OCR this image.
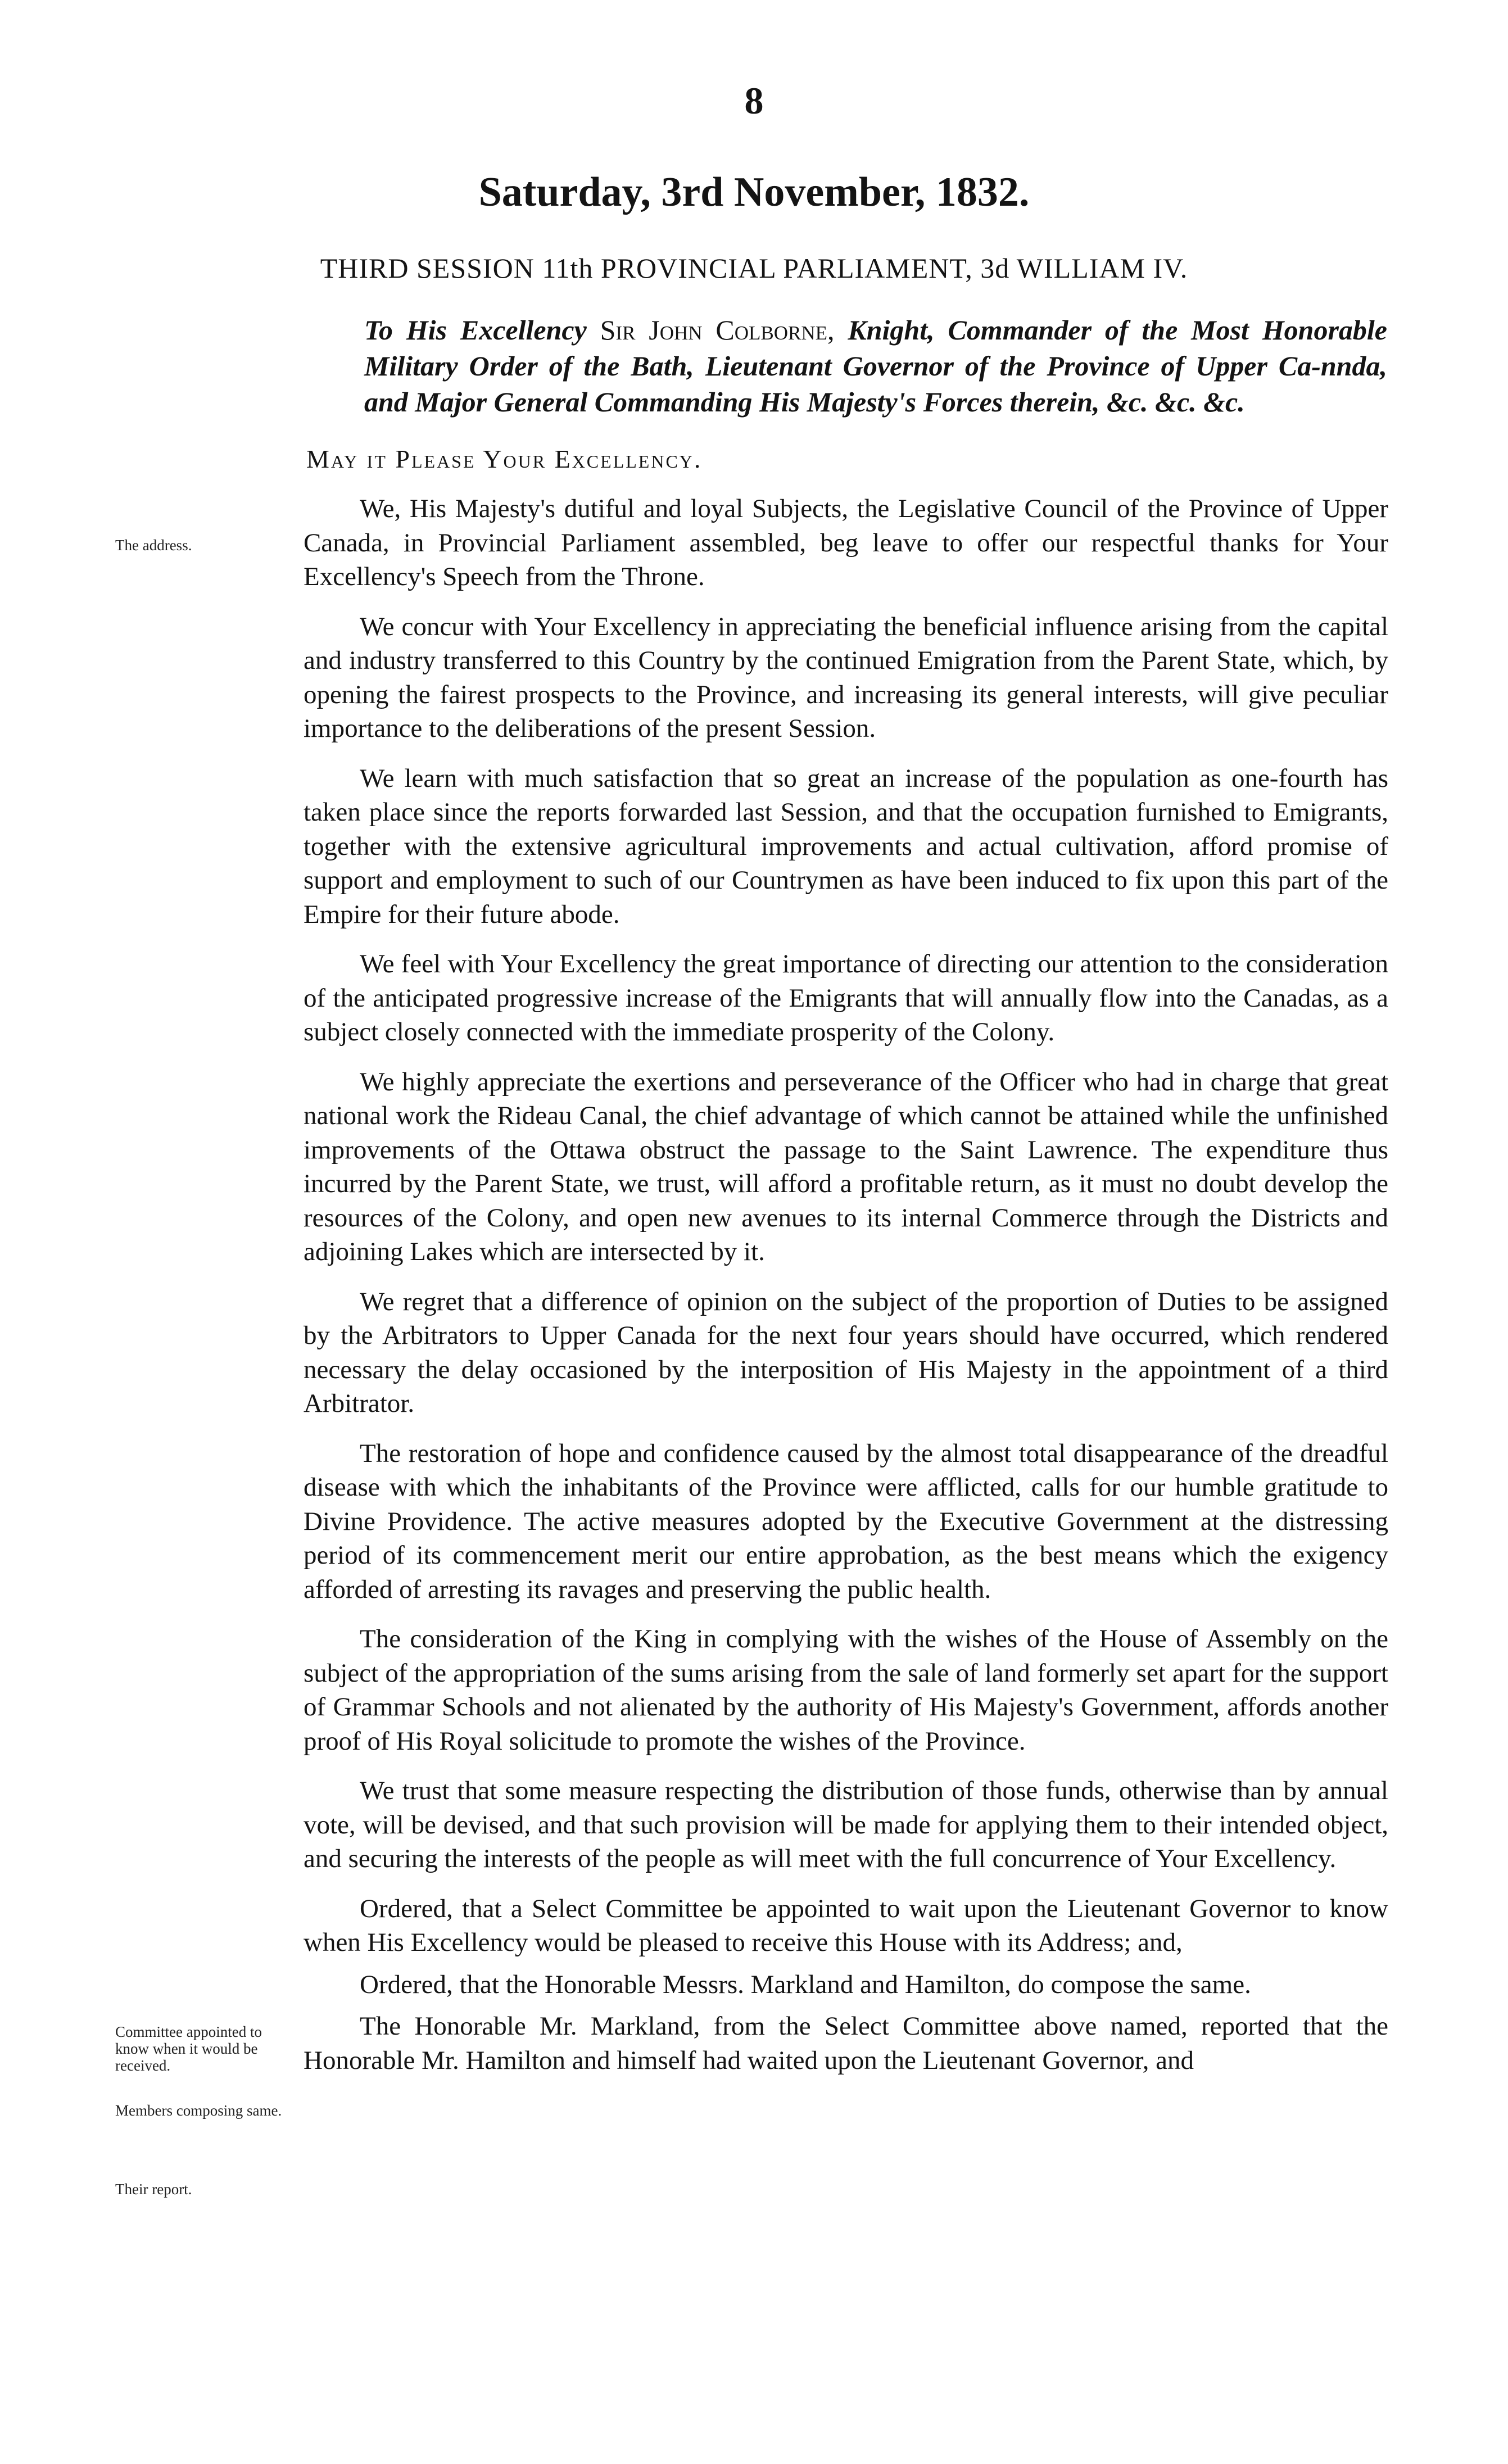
8
Saturday, 3rd November, 1832.
THIRD SESSION 11th PROVINCIAL PARLIAMENT, 3d WILLIAM IV.
To His Excellency Sir John Colborne, Knight, Commander of the Most Honorable Military Order of the Bath, Lieutenant Governor of the Province of Upper Ca-nnda, and Major General Commanding His Majesty's Forces therein, &c. &c. &c.
May it Please Your Excellency.
The address.
Committee appointed to know when it would be received.
Members composing same.
Their report.

We, His Majesty's dutiful and loyal Subjects, the Legislative Council of the Province of Upper Canada, in Provincial Parliament assembled, beg leave to offer our respectful thanks for Your Excellency's Speech from the Throne.

We concur with Your Excellency in appreciating the beneficial influence arising from the capital and industry transferred to this Country by the continued Emigration from the Parent State, which, by opening the fairest prospects to the Province, and increasing its general interests, will give peculiar importance to the deliberations of the present Session.

We learn with much satisfaction that so great an increase of the population as one-fourth has taken place since the reports forwarded last Session, and that the occupation furnished to Emigrants, together with the extensive agricultural improvements and actual cultivation, afford promise of support and employment to such of our Countrymen as have been induced to fix upon this part of the Empire for their future abode.

We feel with Your Excellency the great importance of directing our attention to the consideration of the anticipated progressive increase of the Emigrants that will annually flow into the Canadas, as a subject closely connected with the immediate prosperity of the Colony.

We highly appreciate the exertions and perseverance of the Officer who had in charge that great national work the Rideau Canal, the chief advantage of which cannot be attained while the unfinished improvements of the Ottawa obstruct the passage to the Saint Lawrence. The expenditure thus incurred by the Parent State, we trust, will afford a profitable return, as it must no doubt develop the resources of the Colony, and open new avenues to its internal Commerce through the Districts and adjoining Lakes which are intersected by it.

We regret that a difference of opinion on the subject of the proportion of Duties to be assigned by the Arbitrators to Upper Canada for the next four years should have occurred, which rendered necessary the delay occasioned by the interposition of His Majesty in the appointment of a third Arbitrator.

The restoration of hope and confidence caused by the almost total disappearance of the dreadful disease with which the inhabitants of the Province were afflicted, calls for our humble gratitude to Divine Providence. The active measures adopted by the Executive Government at the distressing period of its commencement merit our entire approbation, as the best means which the exigency afforded of arresting its ravages and preserving the public health.

The consideration of the King in complying with the wishes of the House of Assembly on the subject of the appropriation of the sums arising from the sale of land formerly set apart for the support of Grammar Schools and not alienated by the authority of His Majesty's Government, affords another proof of His Royal solicitude to promote the wishes of the Province.

We trust that some measure respecting the distribution of those funds, otherwise than by annual vote, will be devised, and that such provision will be made for applying them to their intended object, and securing the interests of the people as will meet with the full concurrence of Your Excellency.

Ordered, that a Select Committee be appointed to wait upon the Lieutenant Governor to know when His Excellency would be pleased to receive this House with its Address; and,

Ordered, that the Honorable Messrs. Markland and Hamilton, do compose the same.

The Honorable Mr. Markland, from the Select Committee above named, reported that the Honorable Mr. Hamilton and himself had waited upon the Lieutenant Governor, and
